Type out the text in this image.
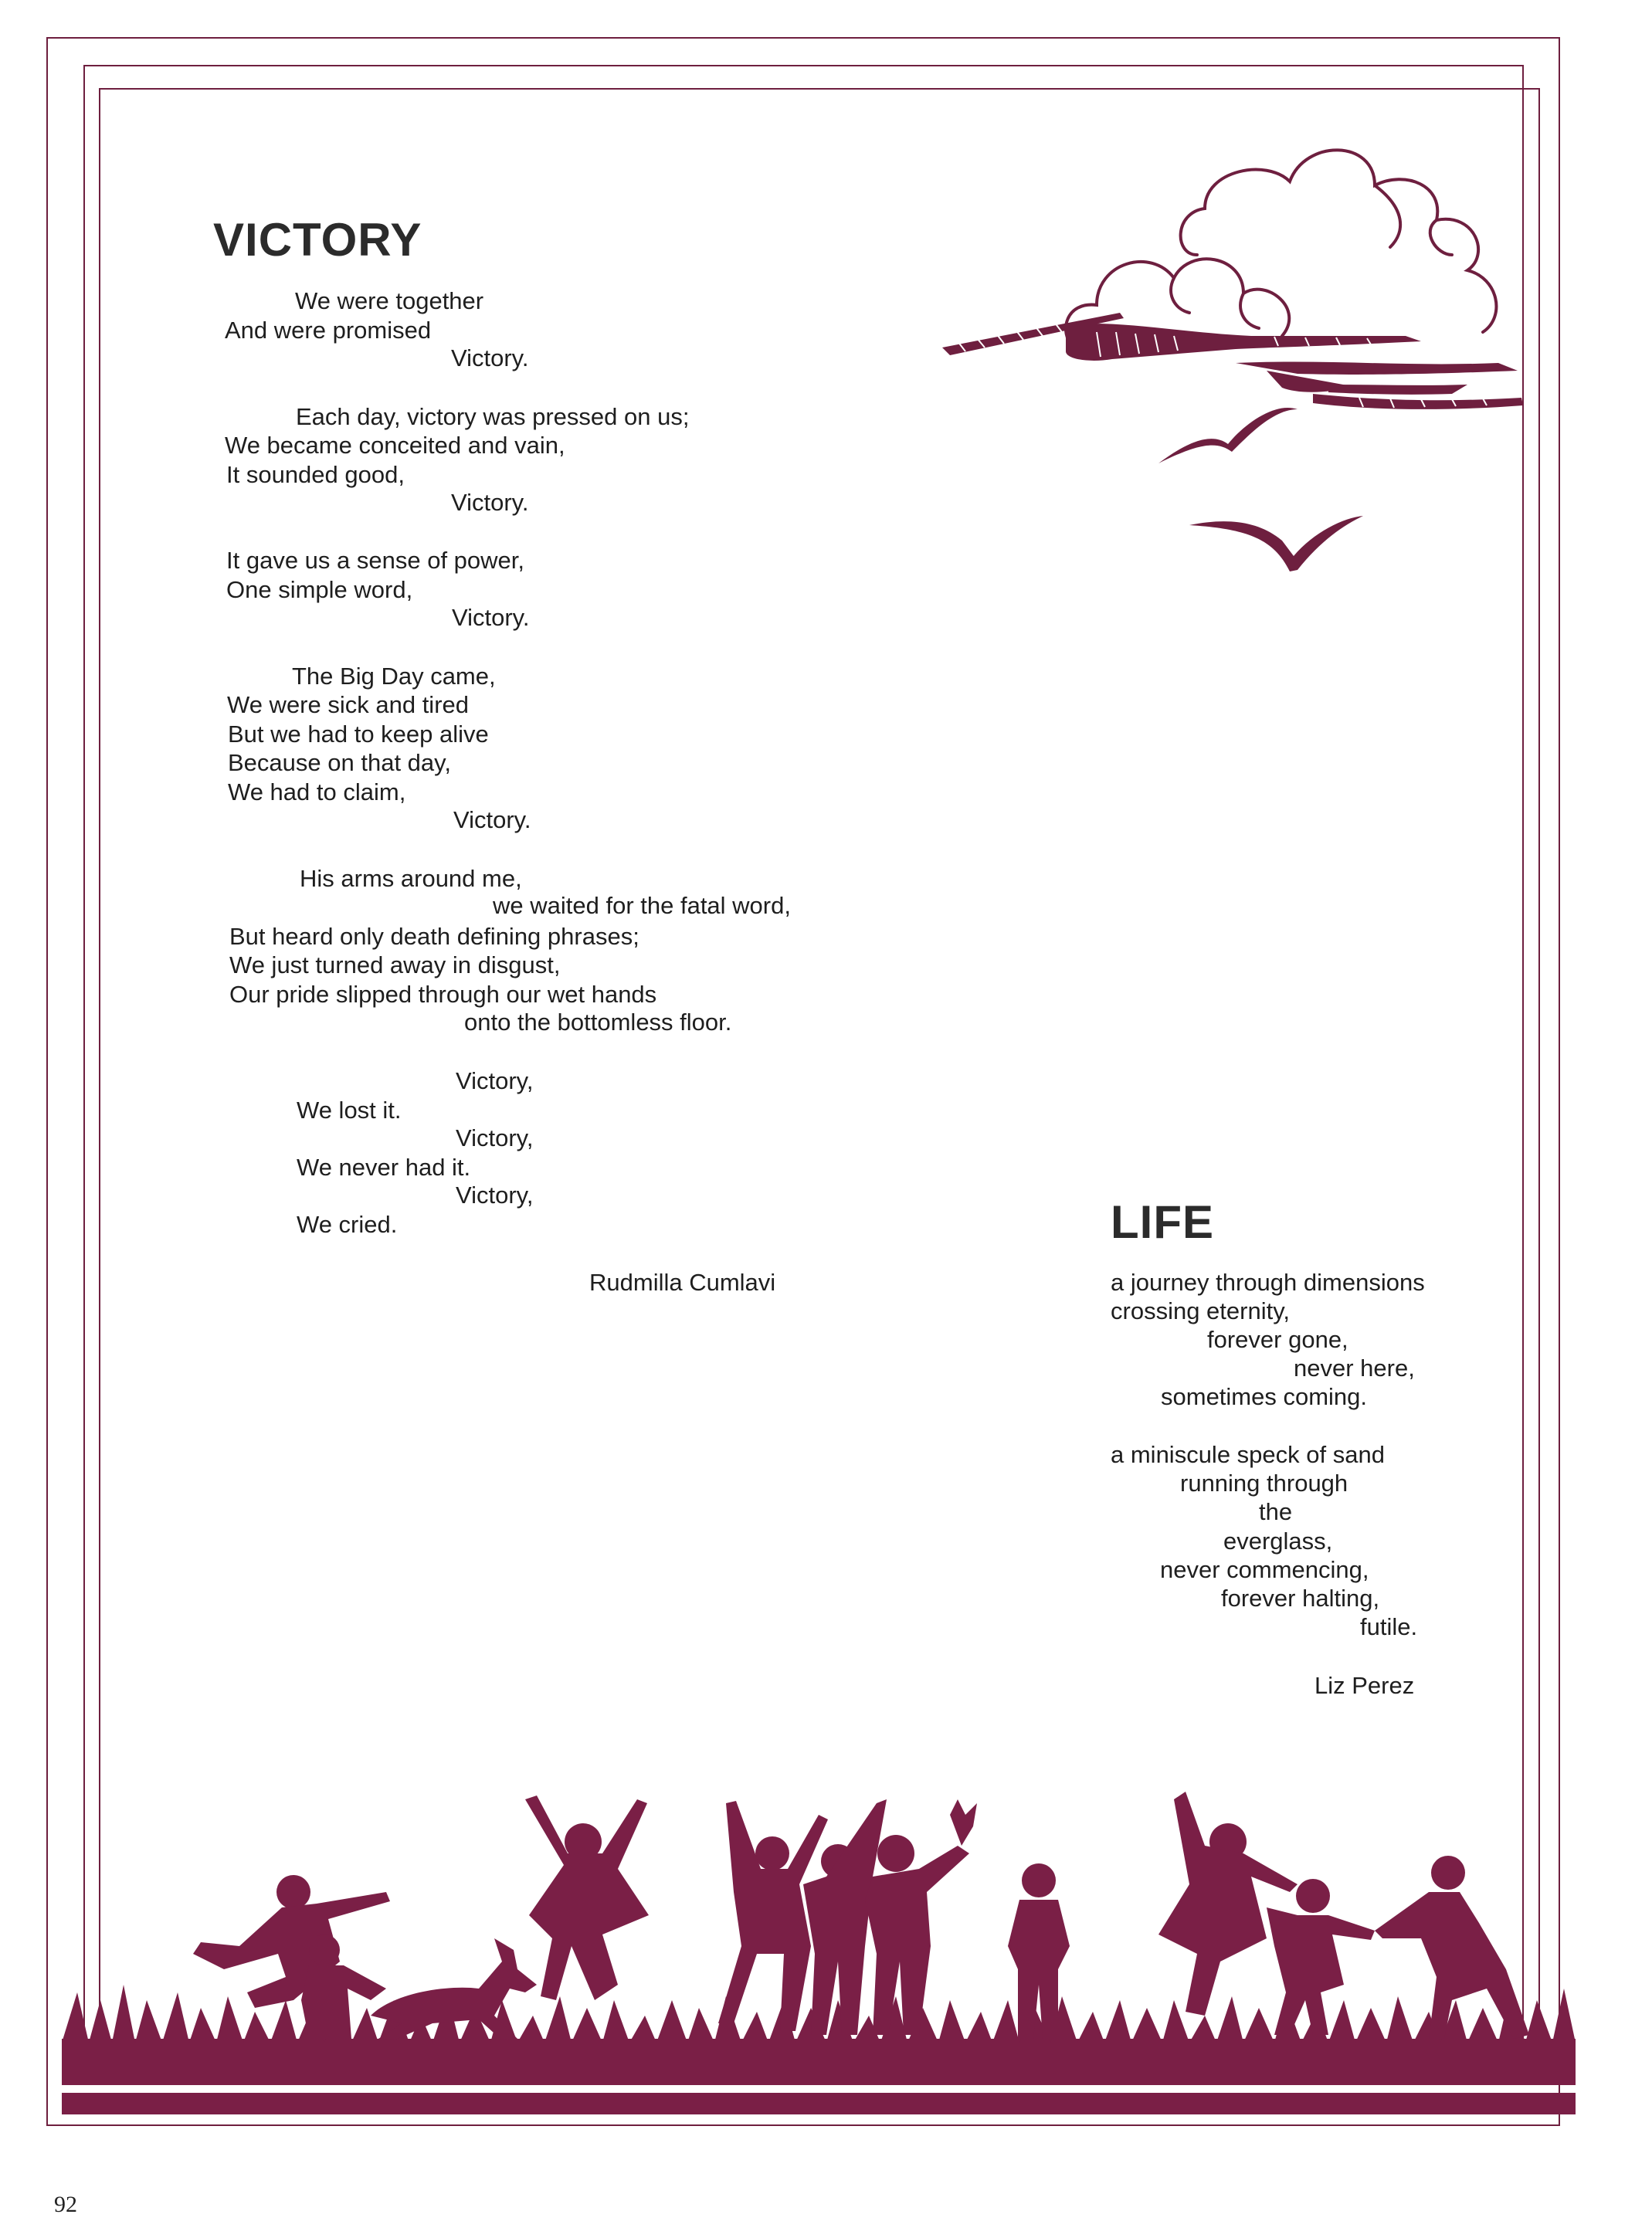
VICTORY
We were together
And were promised
Victory.
Each day, victory was pressed on us;
We became conceited and vain,
It sounded good,
Victory.
It gave us a sense of power,
One simple word,
Victory.
The Big Day came,
We were sick and tired
But we had to keep alive
Because on that day,
We had to claim,
Victory.
His arms around me,
we waited for the fatal word,
But heard only death defining phrases;
We just turned away in disgust,
Our pride slipped through our wet hands
onto the bottomless floor.
Victory,
We lost it.
Victory,
We never had it.
Victory,
We cried.
Rudmilla Cumlavi
LIFE
a journey through dimensions
crossing eternity,
forever gone,
never here,
sometimes coming.
a miniscule speck of sand
running through
the
everglass,
never commencing,
forever halting,
futile.
Liz Perez
92
